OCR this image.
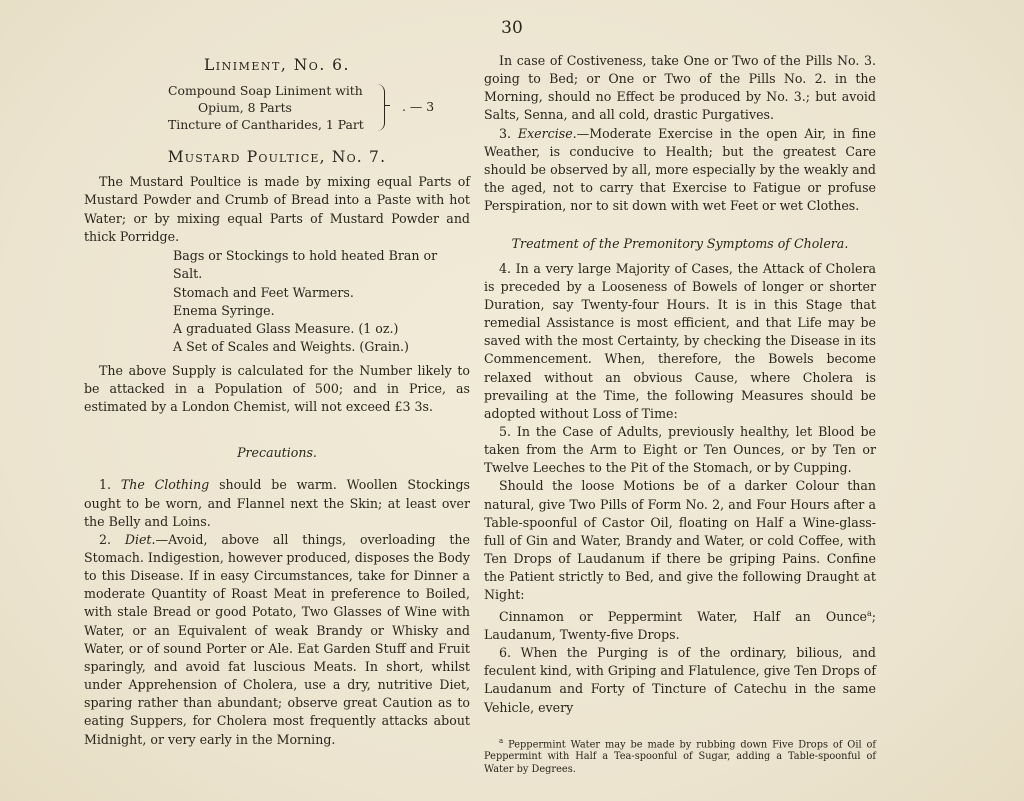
30
Liniment, No. 6.
Compound Soap Liniment with
Opium, 8 Parts
Tincture of Cantharides, 1 Part
. — 3
Mustard Poultice, No. 7.

The Mustard Poultice is made by mixing equal Parts of Mustard Powder and Crumb of Bread into a Paste with hot Water; or by mixing equal Parts of Mustard Powder and thick Porridge.

Bags or Stockings to hold heated Bran or Salt.
Stomach and Feet Warmers.
Enema Syringe.
A graduated Glass Measure. (1 oz.)
A Set of Scales and Weights. (Grain.)

The above Supply is calculated for the Number likely to be attacked in a Population of 500; and in Price, as estimated by a London Chemist, will not exceed £3 3s.

Precautions.

1. The Clothing should be warm. Woollen Stockings ought to be worn, and Flannel next the Skin; at least over the Belly and Loins.

2. Diet.—Avoid, above all things, overloading the Stomach. Indigestion, however produced, disposes the Body to this Disease. If in easy Circumstances, take for Dinner a moderate Quantity of Roast Meat in preference to Boiled, with stale Bread or good Potato, Two Glasses of Wine with Water, or an Equivalent of weak Brandy or Whisky and Water, or of sound Porter or Ale. Eat Garden Stuff and Fruit sparingly, and avoid fat luscious Meats. In short, whilst under Apprehension of Cholera, use a dry, nutritive Diet, sparing rather than abundant; observe great Caution as to eating Suppers, for Cholera most frequently attacks about Midnight, or very early in the Morning.

In case of Costiveness, take One or Two of the Pills No. 3. going to Bed; or One or Two of the Pills No. 2. in the Morning, should no Effect be produced by No. 3.; but avoid Salts, Senna, and all cold, drastic Purgatives.

3. Exercise.—Moderate Exercise in the open Air, in fine Weather, is conducive to Health; but the greatest Care should be observed by all, more especially by the weakly and the aged, not to carry that Exercise to Fatigue or profuse Perspiration, nor to sit down with wet Feet or wet Clothes.

Treatment of the Premonitory Symptoms of Cholera.

4. In a very large Majority of Cases, the Attack of Cholera is preceded by a Looseness of Bowels of longer or shorter Duration, say Twenty-four Hours. It is in this Stage that remedial Assistance is most efficient, and that Life may be saved with the most Certainty, by checking the Disease in its Commencement. When, therefore, the Bowels become relaxed without an obvious Cause, where Cholera is prevailing at the Time, the following Measures should be adopted without Loss of Time:

5. In the Case of Adults, previously healthy, let Blood be taken from the Arm to Eight or Ten Ounces, or by Ten or Twelve Leeches to the Pit of the Stomach, or by Cupping.

Should the loose Motions be of a darker Colour than natural, give Two Pills of Form No. 2, and Four Hours after a Table-spoonful of Castor Oil, floating on Half a Wine-glass-full of Gin and Water, Brandy and Water, or cold Coffee, with Ten Drops of Laudanum if there be griping Pains. Confine the Patient strictly to Bed, and give the following Draught at Night:

Cinnamon or Peppermint Water, Half an Ounce$^a$; Laudanum, Twenty-five Drops.

6. When the Purging is of the ordinary, bilious, and feculent kind, with Griping and Flatulence, give Ten Drops of Laudanum and Forty of Tincture of Catechu in the same Vehicle, every

$^a$ Peppermint Water may be made by rubbing down Five Drops of Oil of Peppermint with Half a Tea-spoonful of Sugar, adding a Table-spoonful of Water by Degrees.
